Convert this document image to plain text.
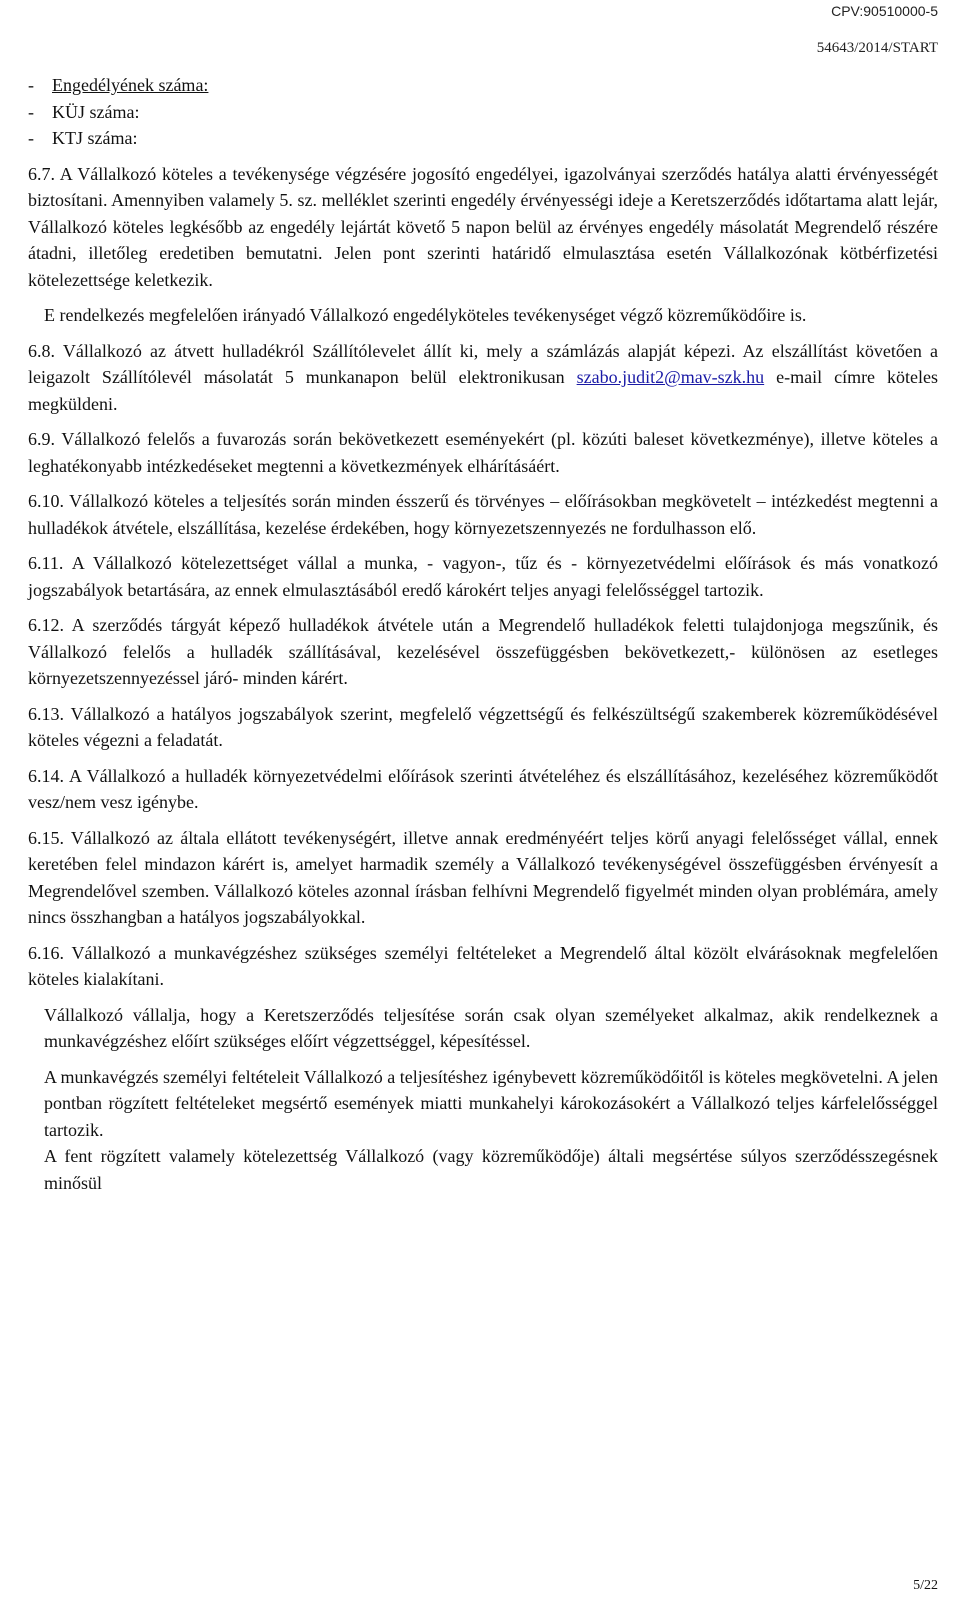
CPV:90510000-5
54643/2014/START
-	Engedélyének száma:
-	KÜJ száma:
-	KTJ száma:
6.7. A Vállalkozó köteles a tevékenysége végzésére jogosító engedélyei, igazolványai szerződés hatálya alatti érvényességét biztosítani. Amennyiben valamely 5. sz. melléklet szerinti engedély érvényességi ideje a Keretszerződés időtartama alatt lejár, Vállalkozó köteles legkésőbb az engedély lejártát követő 5 napon belül az érvényes engedély másolatát Megrendelő részére átadni, illetőleg eredetiben bemutatni. Jelen pont szerinti határidő elmulasztása esetén Vállalkozónak kötbérfizetési kötelezettsége keletkezik.
E rendelkezés megfelelően irányadó Vállalkozó engedélyköteles tevékenységet végző közreműködőire is.
6.8. Vállalkozó az átvett hulladékról Szállítólevelet állít ki, mely a számlázás alapját képezi. Az elszállítást követően a leigazolt Szállítólevél másolatát 5 munkanapon belül elektronikusan szabo.judit2@mav-szk.hu e-mail címre köteles megküldeni.
6.9. Vállalkozó felelős a fuvarozás során bekövetkezett eseményekért (pl. közúti baleset következménye), illetve köteles a leghatékonyabb intézkedéseket megtenni a következmények elhárításáért.
6.10. Vállalkozó köteles a teljesítés során minden ésszerű és törvényes – előírásokban megkövetelt – intézkedést megtenni a hulladékok átvétele, elszállítása, kezelése érdekében, hogy környezetszennyezés ne fordulhasson elő.
6.11. A Vállalkozó kötelezettséget vállal a munka, - vagyon-, tűz és - környezetvédelmi előírások és más vonatkozó jogszabályok betartására, az ennek elmulasztásából eredő károkért teljes anyagi felelősséggel tartozik.
6.12. A szerződés tárgyát képező hulladékok átvétele után a Megrendelő hulladékok feletti tulajdonjoga megszűnik, és Vállalkozó felelős a hulladék szállításával, kezelésével összefüggésben bekövetkezett,- különösen az esetleges környezetszennyezéssel járó- minden kárért.
6.13. Vállalkozó a hatályos jogszabályok szerint, megfelelő végzettségű és felkészültségű szakemberek közreműködésével köteles végezni a feladatát.
6.14. A Vállalkozó a hulladék környezetvédelmi előírások szerinti átvételéhez és elszállításához, kezeléséhez közreműködőt vesz/nem vesz igénybe.
6.15. Vállalkozó az általa ellátott tevékenységért, illetve annak eredményéért teljes körű anyagi felelősséget vállal, ennek keretében felel mindazon kárért is, amelyet harmadik személy a Vállalkozó tevékenységével összefüggésben érvényesít a Megrendelővel szemben. Vállalkozó köteles azonnal írásban felhívni Megrendelő figyelmét minden olyan problémára, amely nincs összhangban a hatályos jogszabályokkal.
6.16. Vállalkozó a munkavégzéshez szükséges személyi feltételeket a Megrendelő által közölt elvárásoknak megfelelően köteles kialakítani.
Vállalkozó vállalja, hogy a Keretszerződés teljesítése során csak olyan személyeket alkalmaz, akik rendelkeznek a munkavégzéshez előírt szükséges előírt végzettséggel, képesítéssel.
A munkavégzés személyi feltételeit Vállalkozó a teljesítéshez igénybevett közreműködőitől is köteles megkövetelni. A jelen pontban rögzített feltételeket megsértő események miatti munkahelyi károkozásokért a Vállalkozó teljes kárfelelősséggel tartozik.
A fent rögzített valamely kötelezettség Vállalkozó (vagy közreműködője) általi megsértése súlyos szerződésszegésnek minősül
5/22
